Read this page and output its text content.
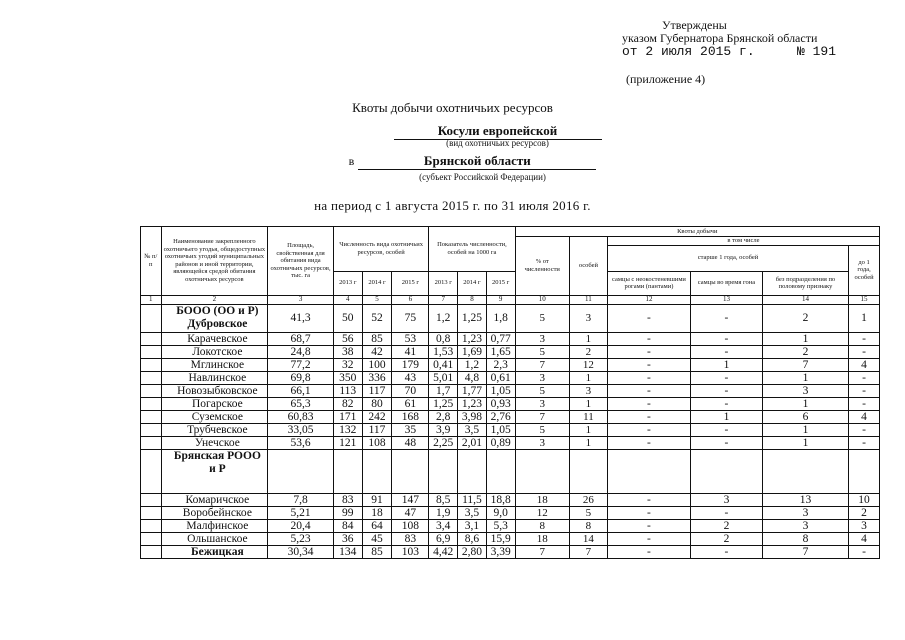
Утверждены
указом Губернатора Брянской области
от 2 июля 2015 г.	№ 191
(приложение 4)
Квоты добычи охотничьих ресурсов
Косули европейской
(вид охотничьих ресурсов)
в	Брянской области
(субъект Российской Федерации)
на период с 1 августа 2015 г. по 31 июля 2016 г.
№ п/п	Наименование закрепленного охотничьего угодья, общедоступных охотничьих угодий муниципальных районов и иной территории, являющейся средой обитания охотничьих ресурсов	Площадь, свойственная для обитания вида охотничьих ресурсов, тыс. га	Численность вида охотничьих ресурсов, особей			Показатель численности, особей на 1000 га			Квоты добычи					
									% от численности	особей	в том числе			
											старше 1 года, особей			до 1 года, особей
			2013 г	2014 г	2015 г	2013 г	2014 г	2015 г			самцы с неокостеневшими рогами (пантами)	самцы во время гона	без подразделения по половому признаку	
1	2	3	4	5	6	7	8	9	10	11	12	13	14	15
	БООО (ОО и Р) Дубровское	41,3	50	52	75	1,2	1,25	1,8	5	3	-	-	2	1
	Карачевское	68,7	56	85	53	0,8	1,23	0,77	3	1	-	-	1	-
	Локотское	24,8	38	42	41	1,53	1,69	1,65	5	2	-	-	2	-
	Мглинское	77,2	32	100	179	0,41	1,2	2,3	7	12	-	1	7	4
	Навлинское	69,8	350	336	43	5,01	4,8	0,61	3	1	-	-	1	-
	Новозыбковское	66,1	113	117	70	1,7	1,77	1,05	5	3	-	-	3	-
	Погарское	65,3	82	80	61	1,25	1,23	0,93	3	1	-	-	1	-
	Суземское	60,83	171	242	168	2,8	3,98	2,76	7	11	-	1	6	4
	Трубчевское	33,05	132	117	35	3,9	3,5	1,05	5	1	-	-	1	-
	Унечское	53,6	121	108	48	2,25	2,01	0,89	3	1	-	-	1	-
	Брянская РООО и Р													
	Комаричское	7,8	83	91	147	8,5	11,5	18,8	18	26	-	3	13	10
	Воробейнское	5,21	99	18	47	1,9	3,5	9,0	12	5	-	-	3	2
	Малфинское	20,4	84	64	108	3,4	3,1	5,3	8	8	-	2	3	3
	Ольшанское	5,23	36	45	83	6,9	8,6	15,9	18	14	-	2	8	4
	Бежицкая	30,34	134	85	103	4,42	2,80	3,39	7	7	-	-	7	-
